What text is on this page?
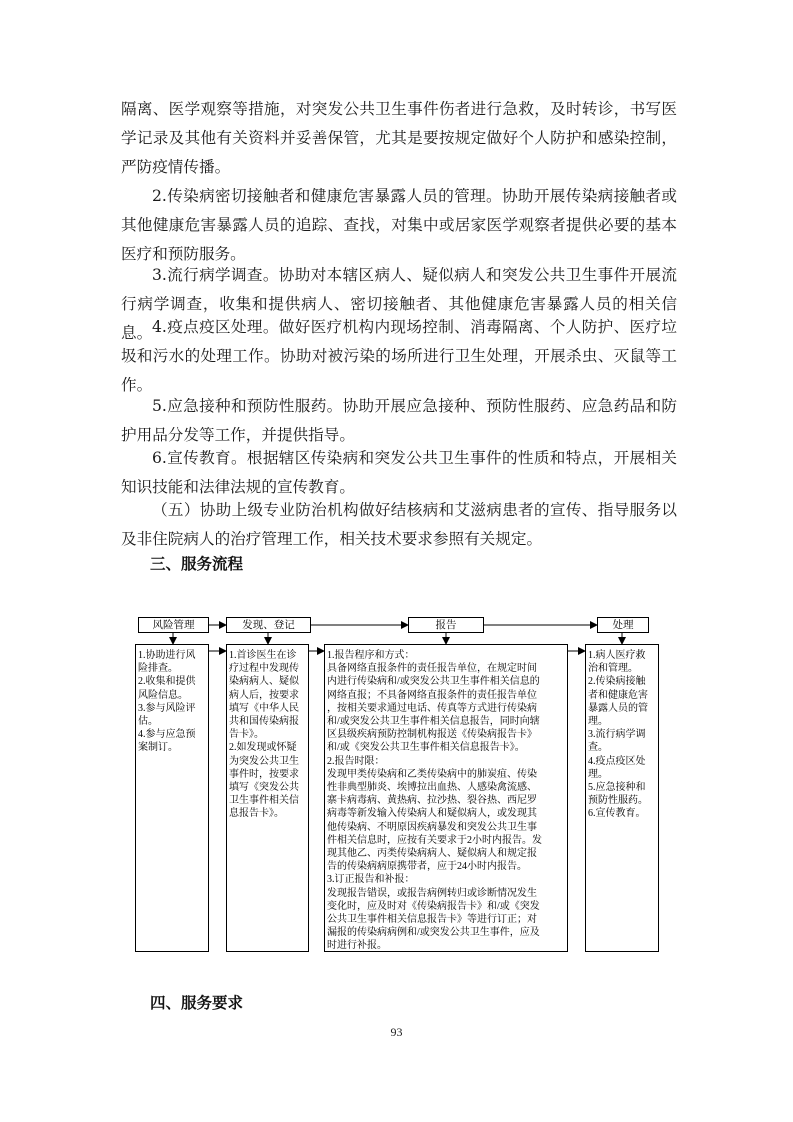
隔离、医学观察等措施，对突发公共卫生事件伤者进行急救，及时转诊，书写医学记录及其他有关资料并妥善保管，尤其是要按规定做好个人防护和感染控制，严防疫情传播。

2.传染病密切接触者和健康危害暴露人员的管理。协助开展传染病接触者或其他健康危害暴露人员的追踪、查找，对集中或居家医学观察者提供必要的基本医疗和预防服务。

3.流行病学调查。协助对本辖区病人、疑似病人和突发公共卫生事件开展流行病学调查，收集和提供病人、密切接触者、其他健康危害暴露人员的相关信息。 4.疫点疫区处理。做好医疗机构内现场控制、消毒隔离、个人防护、医疗垃圾和污水的处理工作。协助对被污染的场所进行卫生处理，开展杀虫、灭鼠等工作。

5.应急接种和预防性服药。协助开展应急接种、预防性服药、应急药品和防护用品分发等工作，并提供指导。

6.宣传教育。根据辖区传染病和突发公共卫生事件的性质和特点，开展相关知识技能和法律法规的宣传教育。

（五）协助上级专业防治机构做好结核病和艾滋病患者的宣传、指导服务以及非住院病人的治疗管理工作，相关技术要求参照有关规定。

三、服务流程
风险管理	发现、登记	报告	处理
1.协助进行风
险排查。
2.收集和提供
风险信息。
3.参与风险评
估。
4.参与应急预
案制订。
1.首诊医生在诊
疗过程中发现传
染病病人、疑似
病人后，按要求
填写《中华人民
共和国传染病报
告卡》。
2.如发现或怀疑
为突发公共卫生
事件时，按要求
填写《突发公共
卫生事件相关信
息报告卡》。
1.报告程序和方式：
具备网络直报条件的责任报告单位，在规定时间
内进行传染病和/或突发公共卫生事件相关信息的
网络直报；不具备网络直报条件的责任报告单位
，按相关要求通过电话、传真等方式进行传染病
和/或突发公共卫生事件相关信息报告，同时向辖
区县级疾病预防控制机构报送《传染病报告卡》
和/或《突发公共卫生事件相关信息报告卡》。
2.报告时限：
发现甲类传染病和乙类传染病中的肺炭疽、传染
性非典型肺炎、埃博拉出血热、人感染禽流感、
寨卡病毒病、黄热病、拉沙热、裂谷热、西尼罗
病毒等新发输入传染病人和疑似病人，或发现其
他传染病、不明原因疾病暴发和突发公共卫生事
件相关信息时，应按有关要求于2小时内报告。发
现其他乙、丙类传染病病人、疑似病人和规定报
告的传染病病原携带者，应于24小时内报告。
3.订正报告和补报：
发现报告错误，或报告病例转归或诊断情况发生
变化时，应及时对《传染病报告卡》和/或《突发
公共卫生事件相关信息报告卡》等进行订正；对
漏报的传染病病例和/或突发公共卫生事件，应及
时进行补报。
1.病人医疗救
治和管理。
2.传染病接触
者和健康危害
暴露人员的管
理。
3.流行病学调
查。
4.疫点疫区处
理。
5.应急接种和
预防性服药。
6.宣传教育。
四、服务要求
93
